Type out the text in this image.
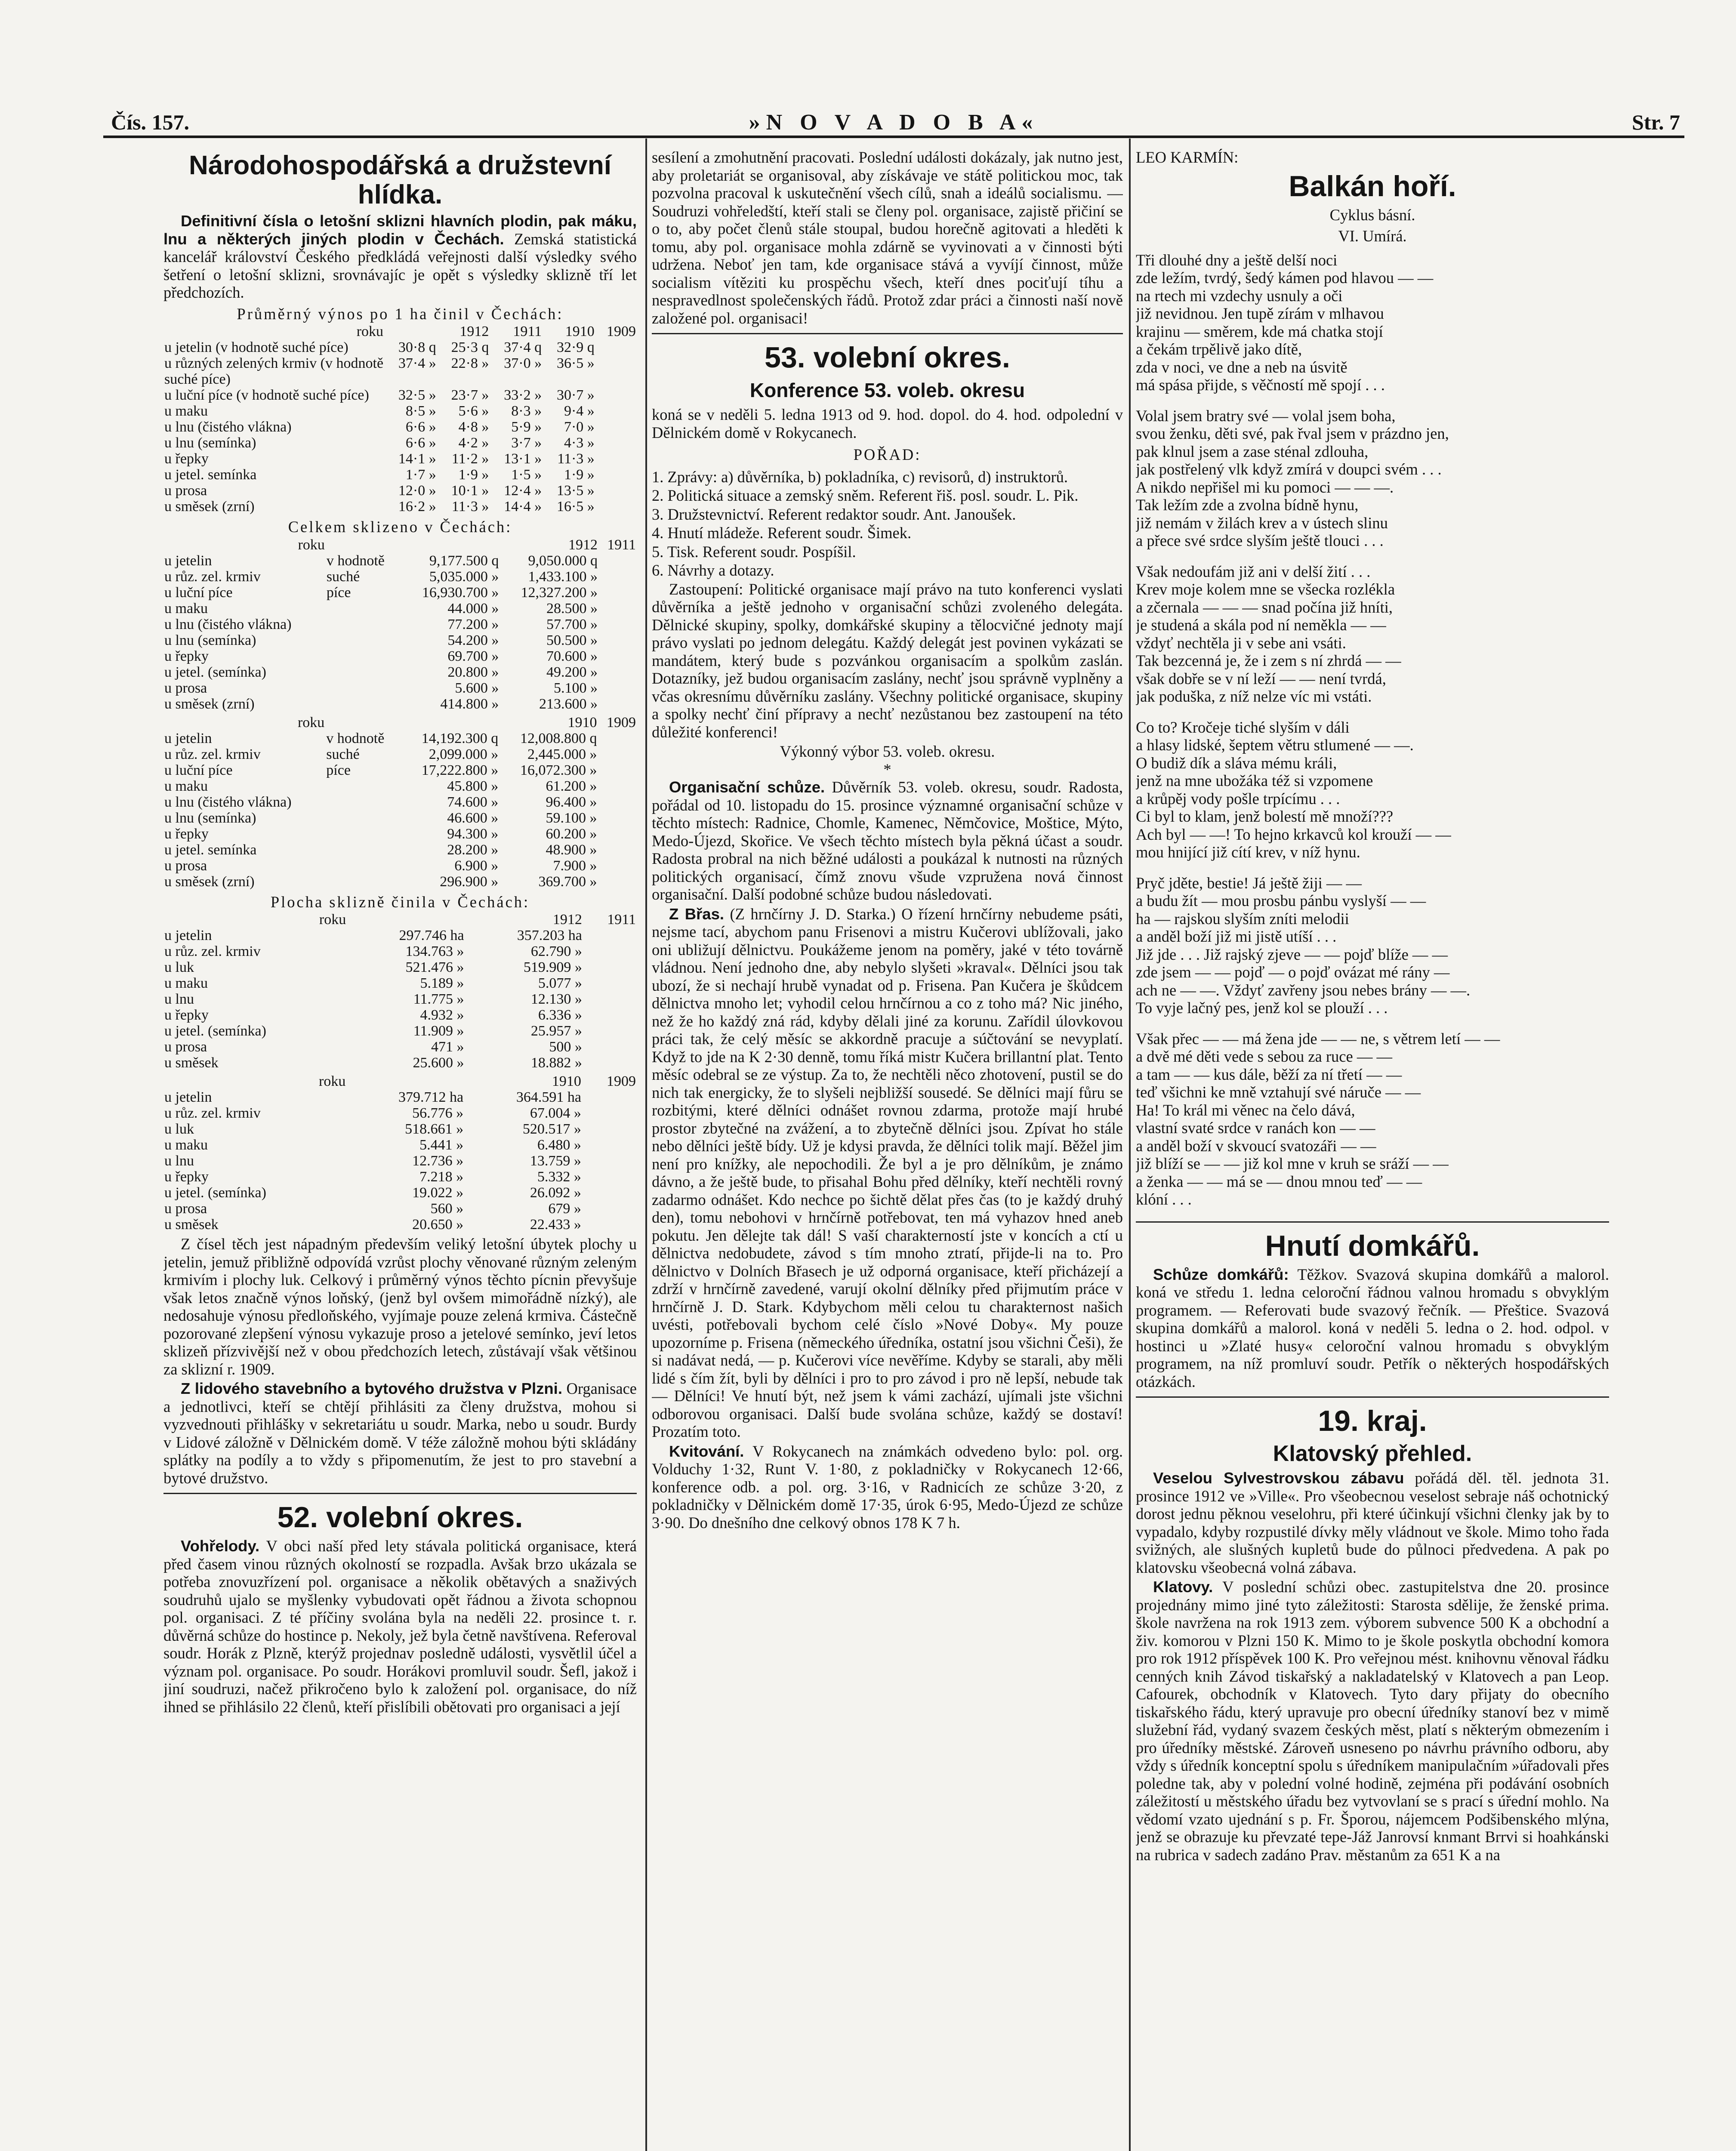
Čís. 157.	»N O V A D O B A«	Str. 7
Národohospodářská a družstevní hlídka.

Definitivní čísla o letošní sklizni hlavních plodin, pak máku, lnu a některých jiných plodin v Čechách. Zemská statistická kancelář království Českého předkládá veřejnosti další výsledky svého šetření o letošní sklizni, srovnávajíc je opět s výsledky sklizně tří let předchozích.

Průměrný výnos po 1 ha činil v Čechách:
roku		1912	1911	1910	1909
u jetelin (v hodnotě suché píce)	30·8 q	25·3 q	37·4 q	32·9 q	
u různých zelených krmiv (v hodnotě suché píce)	37·4 »	22·8 »	37·0 »	36·5 »	
u luční píce (v hodnotě suché píce)	32·5 »	23·7 »	33·2 »	30·7 »	
u maku	8·5 »	5·6 »	8·3 »	9·4 »	
u lnu (čistého vlákna)	6·6 »	4·8 »	5·9 »	7·0 »	
u lnu (semínka)	6·6 »	4·2 »	3·7 »	4·3 »	
u řepky	14·1 »	11·2 »	13·1 »	11·3 »	
u jetel. semínka	1·7 »	1·9 »	1·5 »	1·9 »	
u prosa	12·0 »	10·1 »	12·4 »	13·5 »	
u směsek (zrní)	16·2 »	11·3 »	14·4 »	16·5 »	
Celkem sklizeno v Čechách:
roku			1912	1911
u jetelin	v hodnotě	9,177.500 q	9,050.000 q	
u růz. zel. krmiv	suché	5,035.000 »	1,433.100 »	
u luční píce	píce	16,930.700 »	12,327.200 »	
u maku		44.000 »	28.500 »	
u lnu (čistého vlákna)		77.200 »	57.700 »	
u lnu (semínka)		54.200 »	50.500 »	
u řepky		69.700 »	70.600 »	
u jetel. (semínka)		20.800 »	49.200 »	
u prosa		5.600 »	5.100 »	
u směsek (zrní)		414.800 »	213.600 »	
roku			1910	1909
u jetelin	v hodnotě	14,192.300 q	12,008.800 q	
u růz. zel. krmiv	suché	2,099.000 »	2,445.000 »	
u luční píce	píce	17,222.800 »	16,072.300 »	
u maku		45.800 »	61.200 »	
u lnu (čistého vlákna)		74.600 »	96.400 »	
u lnu (semínka)		46.600 »	59.100 »	
u řepky		94.300 »	60.200 »	
u jetel. semínka		28.200 »	48.900 »	
u prosa		6.900 »	7.900 »	
u směsek (zrní)		296.900 »	369.700 »	
Plocha sklizně činila v Čechách:
roku		1912	1911
u jetelin	297.746 ha	357.203 ha	
u růz. zel. krmiv	134.763 »	62.790 »	
u luk	521.476 »	519.909 »	
u maku	5.189 »	5.077 »	
u lnu	11.775 »	12.130 »	
u řepky	4.932 »	6.336 »	
u jetel. (semínka)	11.909 »	25.957 »	
u prosa	471 »	500 »	
u směsek	25.600 »	18.882 »	
roku		1910	1909
u jetelin	379.712 ha	364.591 ha	
u růz. zel. krmiv	56.776 »	67.004 »	
u luk	518.661 »	520.517 »	
u maku	5.441 »	6.480 »	
u lnu	12.736 »	13.759 »	
u řepky	7.218 »	5.332 »	
u jetel. (semínka)	19.022 »	26.092 »	
u prosa	560 »	679 »	
u směsek	20.650 »	22.433 »	

Z čísel těch jest nápadným především veliký letošní úbytek plochy u jetelin, jemuž přibližně odpovídá vzrůst plochy věnované různým zeleným krmivím i plochy luk. Celkový i průměrný výnos těchto pícnin převyšuje však letos značně výnos loňský, (jenž byl ovšem mimořádně nízký), ale nedosahuje výnosu předloňského, vyjímaje pouze zelená krmiva. Částečně pozorované zlepšení výnosu vykazuje proso a jetelové semínko, jeví letos sklizeň přízvivější než v obou předchozích letech, zůstávají však většinou za sklizní r. 1909.

Z lidového stavebního a bytového družstva v Plzni. Organisace a jednotlivci, kteří se chtějí přihlásiti za členy družstva, mohou si vyzvednouti přihlášky v sekretariátu u soudr. Marka, nebo u soudr. Burdy v Lidové záložně v Dělnickém domě. V téže záložně mohou býti skládány splátky na podíly a to vždy s připomenutím, že jest to pro stavební a bytové družstvo.

52. volební okres.

Vohřelody. V obci naší před lety stávala politická organisace, která před časem vinou různých okolností se rozpadla. Avšak brzo ukázala se potřeba znovuzřízení pol. organisace a několik obětavých a snaživých soudruhů ujalo se myšlenky vybudovati opět řádnou a života schopnou pol. organisaci. Z té příčiny svolána byla na neděli 22. prosince t. r. důvěrná schůze do hostince p. Nekoly, jež byla četně navštívena. Referoval soudr. Horák z Plzně, kterýž projednav posledně události, vysvětlil účel a význam pol. organisace. Po soudr. Horákovi promluvil soudr. Šefl, jakož i jiní soudruzi, načež přikročeno bylo k založení pol. organisace, do níž ihned se přihlásilo 22 členů, kteří přislíbili obětovati pro organisaci a její

sesílení a zmohutnění pracovati. Poslední události dokázaly, jak nutno jest, aby proletariát se organisoval, aby získávaje ve státě politickou moc, tak pozvolna pracoval k uskutečnění všech cílů, snah a ideálů socialismu. — Soudruzi vohřeledští, kteří stali se členy pol. organisace, zajistě přičiní se o to, aby počet členů stále stoupal, budou horečně agitovati a hleděti k tomu, aby pol. organisace mohla zdárně se vyvinovati a v činnosti býti udržena. Neboť jen tam, kde organisace stává a vyvíjí činnost, může socialism vítěziti ku prospěchu všech, kteří dnes pociťují tíhu a nespravedlnost společenských řádů. Protož zdar práci a činnosti naší nově založené pol. organisaci!

53. volební okres.
Konference 53. voleb. okresu

koná se v neděli 5. ledna 1913 od 9. hod. dopol. do 4. hod. odpolední v Dělnickém domě v Rokycanech.

POŘAD:
1. Zprávy: a) důvěrníka, b) pokladníka, c) revisorů, d) instruktorů.
2. Politická situace a zemský sněm. Referent řiš. posl. soudr. L. Pik.
3. Družstevnictví. Referent redaktor soudr. Ant. Janoušek.
4. Hnutí mládeže. Referent soudr. Šimek.
5. Tisk. Referent soudr. Pospíšil.
6. Návrhy a dotazy.

Zastoupení: Politické organisace mají právo na tuto konferenci vyslati důvěrníka a ještě jednoho v organisační schůzi zvoleného delegáta. Dělnické skupiny, spolky, domkářské skupiny a tělocvičné jednoty mají právo vyslati po jednom delegátu. Každý delegát jest povinen vykázati se mandátem, který bude s pozvánkou organisacím a spolkům zaslán. Dotazníky, jež budou organisacím zaslány, nechť jsou správně vyplněny a včas okresnímu důvěrníku zaslány. Všechny politické organisace, skupiny a spolky nechť činí přípravy a nechť nezůstanou bez zastoupení na této důležité konferenci!

Výkonný výbor 53. voleb. okresu.
*

Organisační schůze. Důvěrník 53. voleb. okresu, soudr. Radosta, pořádal od 10. listopadu do 15. prosince významné organisační schůze v těchto místech: Radnice, Chomle, Kamenec, Němčovice, Moštice, Mýto, Medo-Újezd, Skořice. Ve všech těchto místech byla pěkná účast a soudr. Radosta probral na nich běžné události a poukázal k nutnosti na různých politických organisací, čímž znovu všude vzpružena nová činnost organisační. Další podobné schůze budou následovati.

Z Břas. (Z hrnčírny J. D. Starka.) O řízení hrnčírny nebudeme psáti, nejsme tací, abychom panu Frisenovi a mistru Kučerovi ublížovali, jako oni ubližují dělnictvu. Poukážeme jenom na poměry, jaké v této továrně vládnou. Není jednoho dne, aby nebylo slyšeti »kraval«. Dělníci jsou tak ubozí, že si nechají hrubě vynadat od p. Frisena. Pan Kučera je škůdcem dělnictva mnoho let; vyhodil celou hrnčírnou a co z toho má? Nic jiného, než že ho každý zná rád, kdyby dělali jiné za korunu. Zařídil úlovkovou práci tak, že celý měsíc se akkordně pracuje a súčtování se nevyplatí. Když to jde na K 2·30 denně, tomu říká mistr Kučera brillantní plat. Tento měsíc odebral se ze výstup. Za to, že nechtěli něco zhotovení, pustil se do nich tak energicky, že to slyšeli nejbližší sousedé. Se dělníci mají fůru se rozbitými, které dělníci odnášet rovnou zdarma, protože mají hrubé prostor zbytečné na zvážení, a to zbytečně dělníci jsou. Zpívat ho stále nebo dělníci ještě bídy. Už je kdysi pravda, že dělníci tolik mají. Běžel jim není pro knížky, ale nepochodili. Že byl a je pro dělníkům, je známo dávno, a že ještě bude, to přisahal Bohu před dělníky, kteří nechtěli rovný zadarmo odnášet. Kdo nechce po šichtě dělat přes čas (to je každý druhý den), tomu nebohovi v hrnčírně potřebovat, ten má vyhazov hned aneb pokutu. Jen dělejte tak dál! S vaší charakterností jste v koncích a ctí u dělnictva nedobudete, závod s tím mnoho ztratí, přijde-li na to. Pro dělnictvo v Dolních Břasech je už odporná organisace, kteří přicházejí a zdrží v hrnčírně zavedené, varují okolní dělníky před přijmutím práce v hrnčírně J. D. Stark. Kdybychom měli celou tu charakternost našich uvésti, potřebovali bychom celé číslo »Nové Doby«. My pouze upozorníme p. Frisena (německého úředníka, ostatní jsou všichni Češi), že si nadávat nedá, — p. Kučerovi více nevěříme. Kdyby se starali, aby měli lidé s čím žít, byli by dělníci i pro to pro závod i pro ně lepší, nebude tak — Dělníci! Ve hnutí být, než jsem k vámi zachází, ujímali jste všichni odborovou organisaci. Další bude svolána schůze, každý se dostaví! Prozatím toto.

Kvitování. V Rokycanech na známkách odvedeno bylo: pol. org. Volduchy 1·32, Runt V. 1·80, z pokladničky v Rokycanech 12·66, konference odb. a pol. org. 3·16, v Radnicích ze schůze 3·20, z pokladničky v Dělnickém domě 17·35, úrok 6·95, Medo-Újezd ze schůze 3·90. Do dnešního dne celkový obnos 178 K 7 h.

LEO KARMÍN:
Balkán hoří.
Cyklus básní.
VI. Umírá.

Tři dlouhé dny a ještě delší noci

zde ležím, tvrdý, šedý kámen pod hlavou — —

na rtech mi vzdechy usnuly a oči

již nevidnou. Jen tupě zírám v mlhavou

krajinu — směrem, kde má chatka stojí

a čekám trpělivě jako dítě,

zda v noci, ve dne a neb na úsvitě

má spása přijde, s věčností mě spojí . . .

Volal jsem bratry své — volal jsem boha,

svou ženku, děti své, pak řval jsem v prázdno jen,

pak klnul jsem a zase sténal zdlouha,

jak postřelený vlk když zmírá v doupci svém . . .

A nikdo nepřišel mi ku pomoci — — —.

Tak ležím zde a zvolna bídně hynu,

již nemám v žilách krev a v ústech slinu

a přece své srdce slyším ještě tlouci . . .

Však nedoufám již ani v delší žití . . .

Krev moje kolem mne se všecka rozlékla

a zčernala — — — snad počína již hníti,

je studená a skála pod ní neměkla — —

vždyť nechtěla ji v sebe ani vsáti.

Tak bezcenná je, že i zem s ní zhrdá — —

však dobře se v ní leží — — není tvrdá,

jak poduška, z níž nelze víc mi vstáti.

Co to? Kročeje tiché slyším v dáli

a hlasy lidské, šeptem větru stlumené — —.

O budiž dík a sláva mému králi,

jenž na mne ubožáka též si vzpomene

a krůpěj vody pošle trpícímu . . .

Ci byl to klam, jenž bolestí mě množí???

Ach byl — —! To hejno krkavců kol krouží — —

mou hnijící již cítí krev, v níž hynu.

Pryč jděte, bestie! Já ještě žiji — —

a budu žít — mou prosbu pánbu vyslyší — —

ha — rajskou slyším zníti melodii

a anděl boží již mi jistě utíší . . .

Již jde . . . Již rajský zjeve — — pojď blíže — —

zde jsem — — pojď — o pojď ovázat mé rány —

ach ne — —. Vždyť zavřeny jsou nebes brány — —.

To vyje lačný pes, jenž kol se plouží . . .

Však přec — — má žena jde — — ne, s větrem letí — —

a dvě mé děti vede s sebou za ruce — —

a tam — — kus dále, běží za ní třetí — —

teď všichni ke mně vztahují své náruče — —

Ha! To král mi věnec na čelo dává,

vlastní svaté srdce v ranách kon — —

a anděl boží v skvoucí svatozáři — —

již blíží se — — již kol mne v kruh se sráží — —

a ženka — — má se — dnou mnou teď — —

klóní . . .

Hnutí domkářů.

Schůze domkářů: Těžkov. Svazová skupina domkářů a malorol. koná ve středu 1. ledna celoroční řádnou valnou hromadu s obvyklým programem. — Referovati bude svazový řečník. — Přeštice. Svazová skupina domkářů a malorol. koná v neděli 5. ledna o 2. hod. odpol. v hostinci u »Zlaté husy« celoroční valnou hromadu s obvyklým programem, na níž promluví soudr. Petřík o některých hospodářských otázkách.

19. kraj.
Klatovský přehled.

Veselou Sylvestrovskou zábavu pořádá děl. těl. jednota 31. prosince 1912 ve »Ville«. Pro všeobecnou veselost sebraje náš ochotnický dorost jednu pěknou veselohru, při které účinkují všichni členky jak by to vypadalo, kdyby rozpustilé dívky měly vládnout ve škole. Mimo toho řada svižných, ale slušných kupletů bude do půlnoci předvedena. A pak po klatovsku všeobecná volná zábava.

Klatovy. V poslední schůzi obec. zastupitelstva dne 20. prosince projednány mimo jiné tyto záležitosti: Starosta sdělije, že ženské prima. škole navržena na rok 1913 zem. výborem subvence 500 K a obchodní a živ. komorou v Plzni 150 K. Mimo to je škole poskytla obchodní komora pro rok 1912 příspěvek 100 K. Pro veřejnou mést. knihovnu věnoval řádku cenných knih Závod tiskařský a nakladatelský v Klatovech a pan Leop. Cafourek, obchodník v Klatovech. Tyto dary přijaty do obecního tiskařského řádu, který upravuje pro obecní úředníky stanoví bez v mimě služební řád, vydaný svazem českých měst, platí s některým obmezením i pro úředníky městské. Zároveň usneseno po návrhu právního odboru, aby vždy s úředník konceptní spolu s úředníkem manipulačním »úřadovali přes poledne tak, aby v polední volné hodině, zejména při podávání osobních záležitostí u městského úřadu bez vytvovlaní se s prací s úřední mohlo. Na vědomí vzato ujednání s p. Fr. Šporou, nájemcem Podšibenského mlýna, jenž se obrazuje ku převzaté tepe-Jáž Janrovsí knmant Brrvi si hoahkánski na rubrica v sadech zadáno Prav. městanům za 651 K a na
